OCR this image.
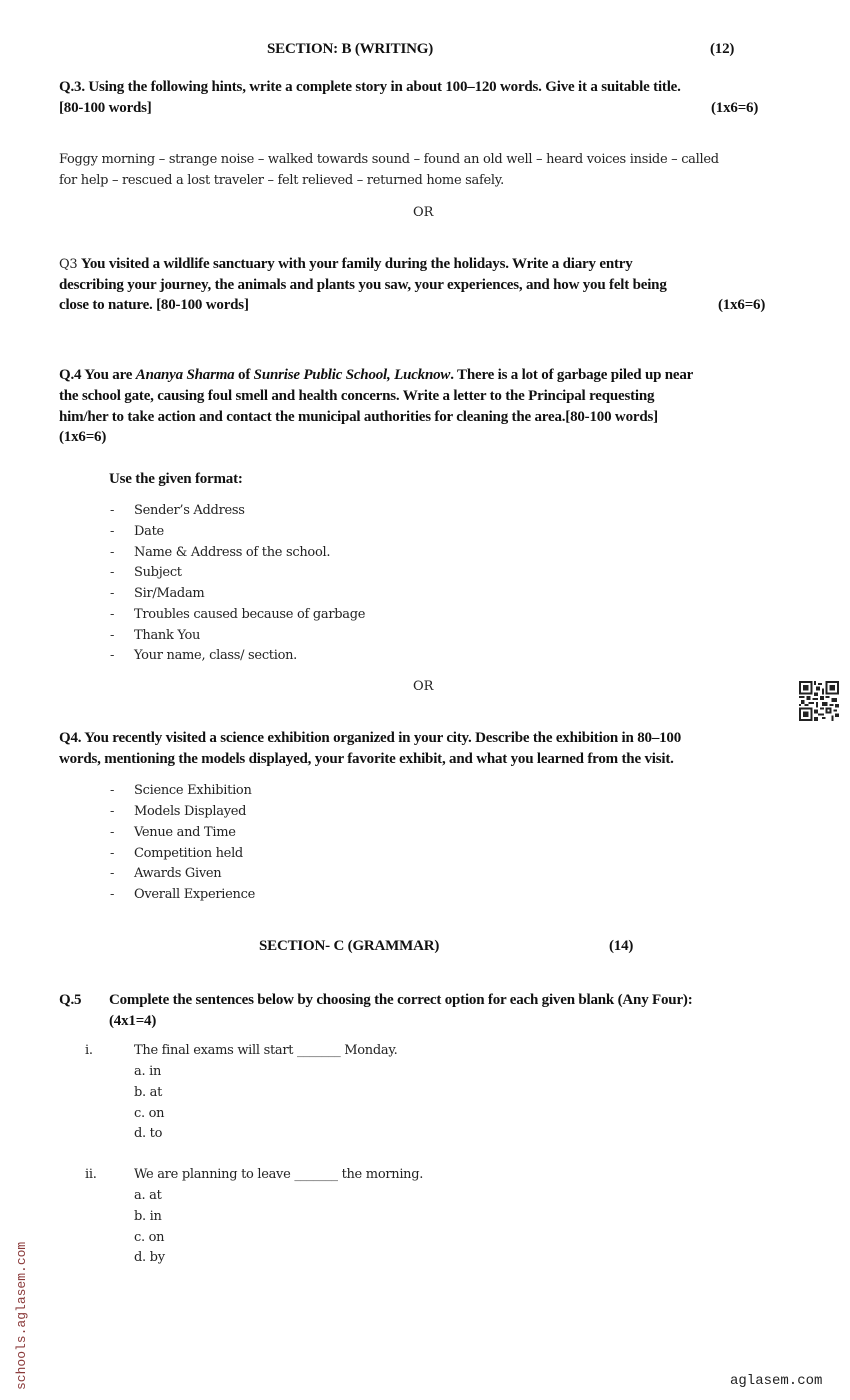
SECTION: B (WRITING)	(12)
Q.3. Using the following hints, write a complete story in about 100–120 words. Give it a suitable title.
[80-100 words]	(1x6=6)
Foggy morning – strange noise – walked towards sound – found an old well – heard voices inside – called
for help – rescued a lost traveler – felt relieved – returned home safely.
OR
Q3 You visited a wildlife sanctuary with your family during the holidays. Write a diary entry
describing your journey, the animals and plants you saw, your experiences, and how you felt being
close to nature. [80-100 words]	(1x6=6)
Q.4 You are Ananya Sharma of Sunrise Public School, Lucknow. There is a lot of garbage piled up near
the school gate, causing foul smell and health concerns. Write a letter to the Principal requesting
him/her to take action and contact the municipal authorities for cleaning the area.[80-100 words]
(1x6=6)
Use the given format:
- Sender’s Address
- Date
- Name & Address of the school.
- Subject
- Sir/Madam
- Troubles caused because of garbage
- Thank You
- Your name, class/ section.
OR
Q4. You recently visited a science exhibition organized in your city. Describe the exhibition in 80–100
words, mentioning the models displayed, your favorite exhibit, and what you learned from the visit.
- Science Exhibition
- Models Displayed
- Venue and Time
- Competition held
- Awards Given
- Overall Experience
SECTION- C (GRAMMAR)	(14)
Q.5 Complete the sentences below by choosing the correct option for each given blank (Any Four):
(4x1=4)
i.	The final exams will start _______ Monday.
a. in
b. at
c. on
d. to
ii.	We are planning to leave _______ the morning.
a. at
b. in
c. on
d. by
schools.aglasem.com	aglasem.com
